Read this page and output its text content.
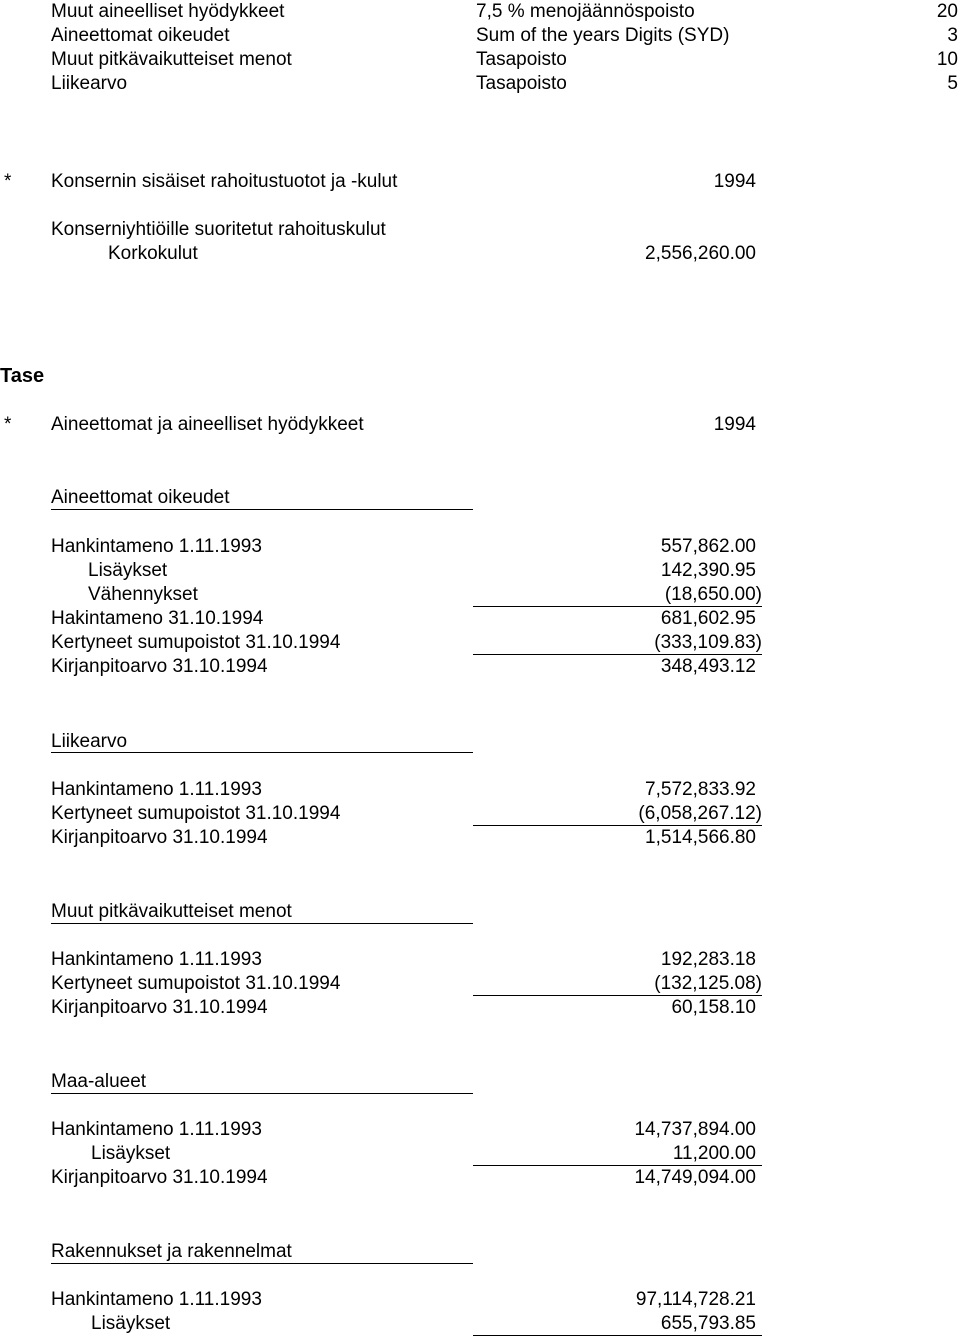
Muut aineelliset hyödykkeet	7,5 % menojäännöspoisto	20
Aineettomat oikeudet	Sum of the years Digits (SYD)	3
Muut pitkävaikutteiset menot	Tasapoisto	10
Liikearvo	Tasapoisto	5
* Konsernin sisäiset rahoitustuotot ja -kulut	1994
Konserniyhtiöille suoritetut rahoituskulut
Korkokulut	2,556,260.00
Tase
* Aineettomat ja aineelliset hyödykkeet	1994
Aineettomat oikeudet
Hankintameno 1.11.1993	557,862.00
Lisäykset	142,390.95
Vähennykset	(18,650.00)
Hakintameno 31.10.1994	681,602.95
Kertyneet sumupoistot 31.10.1994	(333,109.83)
Kirjanpitoarvo 31.10.1994	348,493.12
Liikearvo
Hankintameno 1.11.1993	7,572,833.92
Kertyneet sumupoistot 31.10.1994	(6,058,267.12)
Kirjanpitoarvo 31.10.1994	1,514,566.80
Muut pitkävaikutteiset menot
Hankintameno 1.11.1993	192,283.18
Kertyneet sumupoistot 31.10.1994	(132,125.08)
Kirjanpitoarvo 31.10.1994	60,158.10
Maa-alueet
Hankintameno 1.11.1993	14,737,894.00
Lisäykset	11,200.00
Kirjanpitoarvo 31.10.1994	14,749,094.00
Rakennukset ja rakennelmat
Hankintameno 1.11.1993	97,114,728.21
Lisäykset	655,793.85
